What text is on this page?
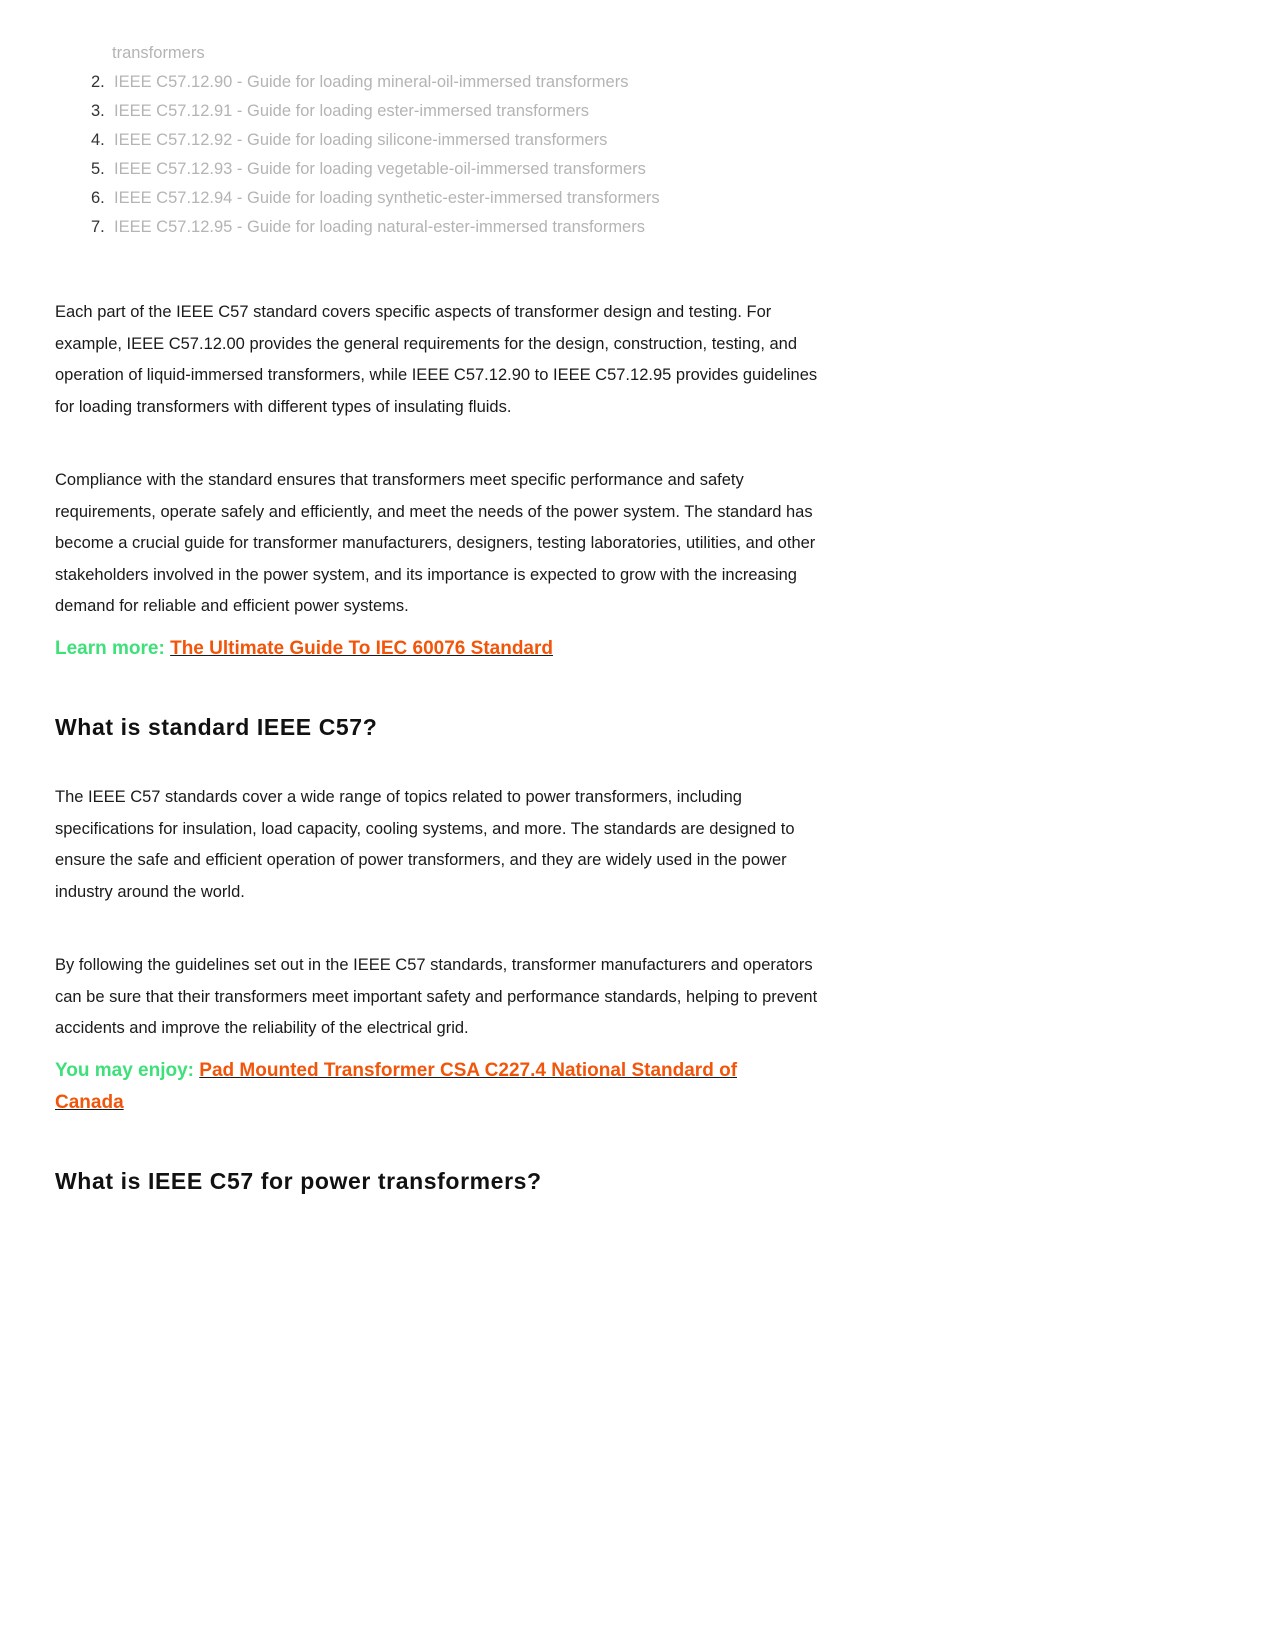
transformers
2. IEEE C57.12.90 - Guide for loading mineral-oil-immersed transformers
3. IEEE C57.12.91 - Guide for loading ester-immersed transformers
4. IEEE C57.12.92 - Guide for loading silicone-immersed transformers
5. IEEE C57.12.93 - Guide for loading vegetable-oil-immersed transformers
6. IEEE C57.12.94 - Guide for loading synthetic-ester-immersed transformers
7. IEEE C57.12.95 - Guide for loading natural-ester-immersed transformers

Each part of the IEEE C57 standard covers specific aspects of transformer design and testing. For example, IEEE C57.12.00 provides the general requirements for the design, construction, testing, and operation of liquid-immersed transformers, while IEEE C57.12.90 to IEEE C57.12.95 provides guidelines for loading transformers with different types of insulating fluids.

Compliance with the standard ensures that transformers meet specific performance and safety requirements, operate safely and efficiently, and meet the needs of the power system. The standard has become a crucial guide for transformer manufacturers, designers, testing laboratories, utilities, and other stakeholders involved in the power system, and its importance is expected to grow with the increasing demand for reliable and efficient power systems.

Learn more: The Ultimate Guide To IEC 60076 Standard

What is standard IEEE C57?

The IEEE C57 standards cover a wide range of topics related to power transformers, including specifications for insulation, load capacity, cooling systems, and more. The standards are designed to ensure the safe and efficient operation of power transformers, and they are widely used in the power industry around the world.

By following the guidelines set out in the IEEE C57 standards, transformer manufacturers and operators can be sure that their transformers meet important safety and performance standards, helping to prevent accidents and improve the reliability of the electrical grid.

You may enjoy: Pad Mounted Transformer CSA C227.4 National Standard of Canada

What is IEEE C57 for power transformers?
